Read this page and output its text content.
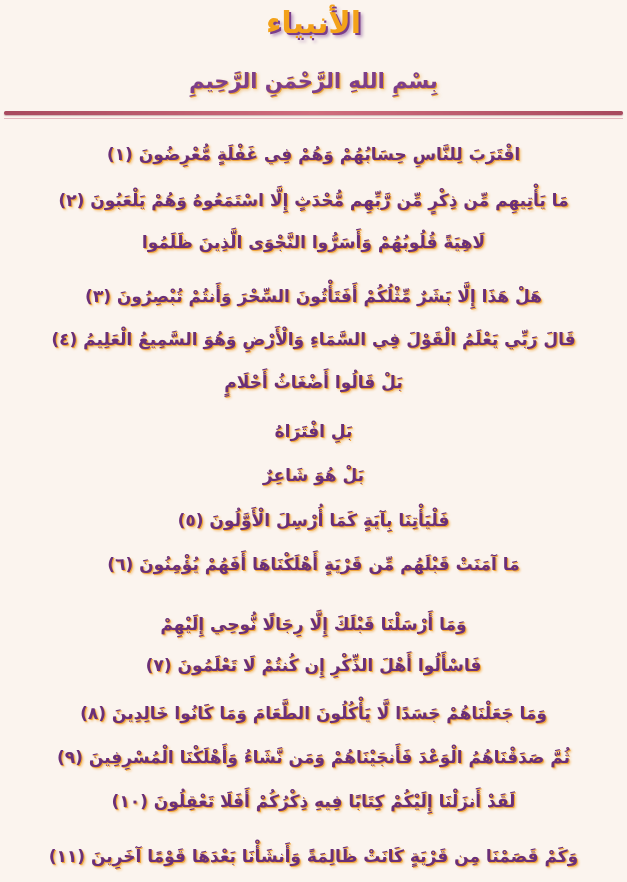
الأنبياء
بِسْمِ اللهِ الرَّحْمَنِ الرَّحِيمِ
اقْتَرَبَ لِلنَّاسِ حِسَابُهُمْ وَهُمْ فِي غَفْلَةٍ مُّعْرِضُونَ (١)
مَا يَأْتِيهِم مِّن ذِكْرٍ مِّن رَّبِّهِم مُّحْدَثٍ إِلَّا اسْتَمَعُوهُ وَهُمْ يَلْعَبُونَ (٢)
لَاهِيَةً قُلُوبُهُمْ وَأَسَرُّوا النَّجْوَى الَّذِينَ ظَلَمُوا
هَلْ هَذَا إِلَّا بَشَرٌ مِّثْلُكُمْ أَفَتَأْتُونَ السِّحْرَ وَأَنتُمْ تُبْصِرُونَ (٣)
قَالَ رَبِّي يَعْلَمُ الْقَوْلَ فِي السَّمَاءِ وَالْأَرْضِ وَهُوَ السَّمِيعُ الْعَلِيمُ (٤)
بَلْ قَالُوا أَضْغَاثُ أَحْلَامٍ
بَلِ افْتَرَاهُ
بَلْ هُوَ شَاعِرٌ
فَلْيَأْتِنَا بِآيَةٍ كَمَا أُرْسِلَ الْأَوَّلُونَ (٥)
مَا آمَنَتْ قَبْلَهُم مِّن قَرْيَةٍ أَهْلَكْنَاهَا أَفَهُمْ يُؤْمِنُونَ (٦)
وَمَا أَرْسَلْنَا قَبْلَكَ إِلَّا رِجَالًا نُّوحِي إِلَيْهِمْ
فَاسْأَلُوا أَهْلَ الذِّكْرِ إِن كُنتُمْ لَا تَعْلَمُونَ (٧)
وَمَا جَعَلْنَاهُمْ جَسَدًا لَّا يَأْكُلُونَ الطَّعَامَ وَمَا كَانُوا خَالِدِينَ (٨)
ثُمَّ صَدَقْنَاهُمُ الْوَعْدَ فَأَنجَيْنَاهُمْ وَمَن نَّشَاءُ وَأَهْلَكْنَا الْمُسْرِفِينَ (٩)
لَقَدْ أَنزَلْنَا إِلَيْكُمْ كِتَابًا فِيهِ ذِكْرُكُمْ أَفَلَا تَعْقِلُونَ (١٠)
وَكَمْ قَصَمْنَا مِن قَرْيَةٍ كَانَتْ ظَالِمَةً وَأَنشَأْنَا بَعْدَهَا قَوْمًا آخَرِينَ (١١)
